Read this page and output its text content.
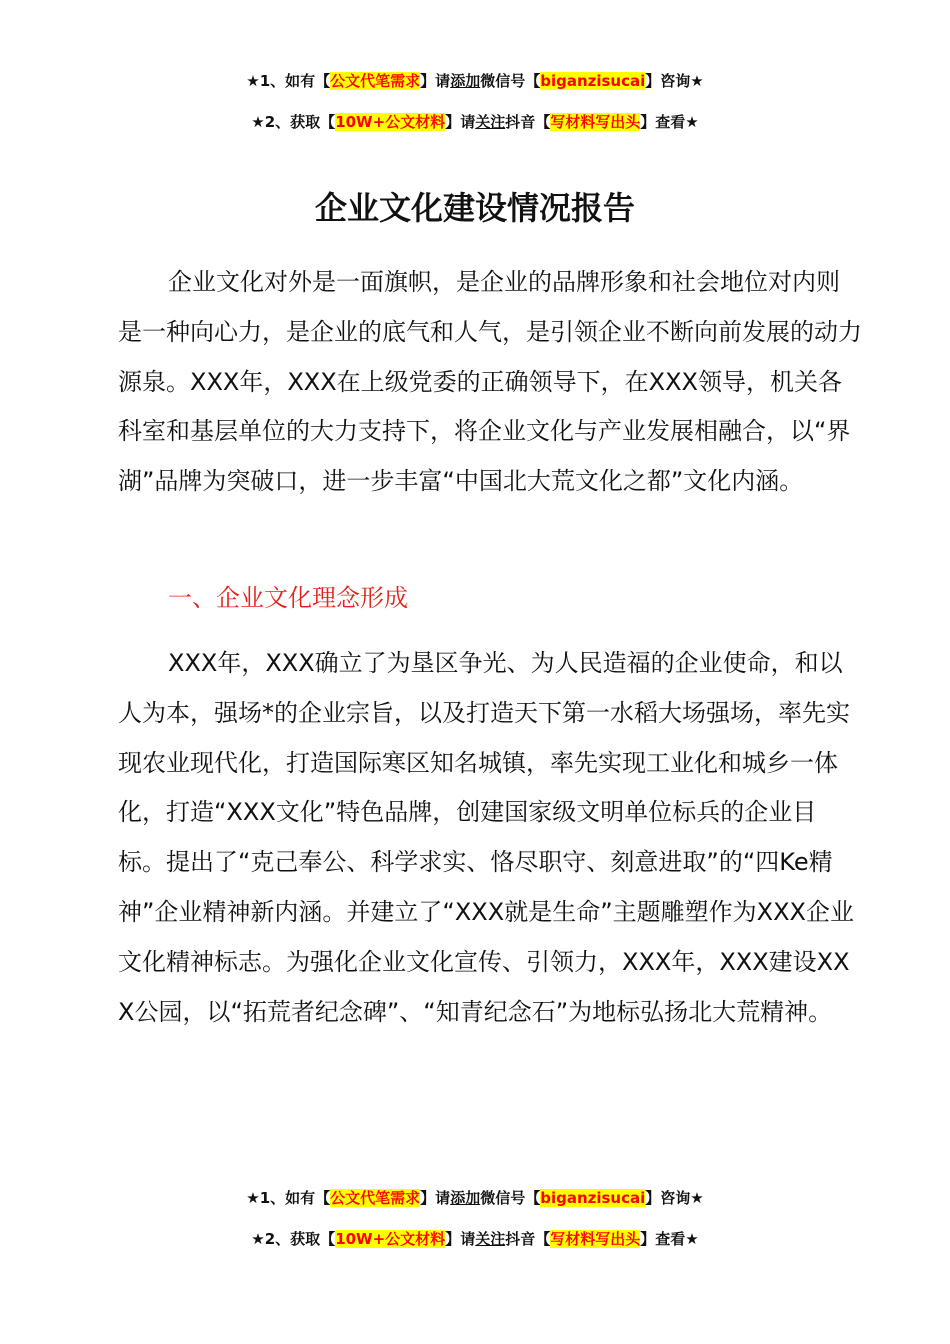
★1、如有【公文代笔需求】请添加微信号【biganzisucai】咨询★
★2、获取【10W+公文材料】请关注抖音【写材料写出头】查看★
企业文化建设情况报告

企业文化对外是一面旗帜，是企业的品牌形象和社会地位对内则是一种向心力，是企业的底气和人气，是引领企业不断向前发展的动力源泉。XXX年，XXX在上级党委的正确领导下，在XXX领导，机关各科室和基层单位的大力支持下，将企业文化与产业发展相融合，以“界湖”品牌为突破口，进一步丰富“中国北大荒文化之都”文化内涵。

一、企业文化理念形成

XXX年，XXX确立了为垦区争光、为人民造福的企业使命，和以人为本，强场*的企业宗旨，以及打造天下第一水稻大场强场，率先实现农业现代化，打造国际寒区知名城镇，率先实现工业化和城乡一体化，打造“XXX文化”特色品牌，创建国家级文明单位标兵的企业目标。提出了“克己奉公、科学求实、恪尽职守、刻意进取”的“四Ke精神”企业精神新内涵。并建立了“XXX就是生命”主题雕塑作为XXX企业文化精神标志。为强化企业文化宣传、引领力，XXX年，XXX建设XXX公园，以“拓荒者纪念碑”、“知青纪念石”为地标弘扬北大荒精神。

★1、如有【公文代笔需求】请添加微信号【biganzisucai】咨询★
★2、获取【10W+公文材料】请关注抖音【写材料写出头】查看★
